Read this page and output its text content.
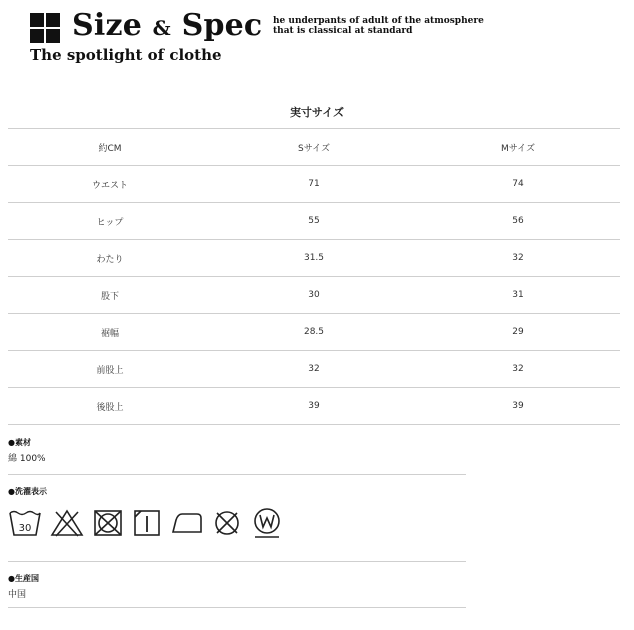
Size & Spec
The spotlight of clothe
he underpants of adult of the atmosphere
that is classical at standard
実寸サイズ
約CM	Sサイズ	Mサイズ
ウエスト	71	74
ヒップ	55	56
わたり	31.5	32
股下	30	31
裾幅	28.5	29
前股上	32	32
後股上	39	39
●素材
綿 100%
●洗濯表示
30
●生産国
中国
